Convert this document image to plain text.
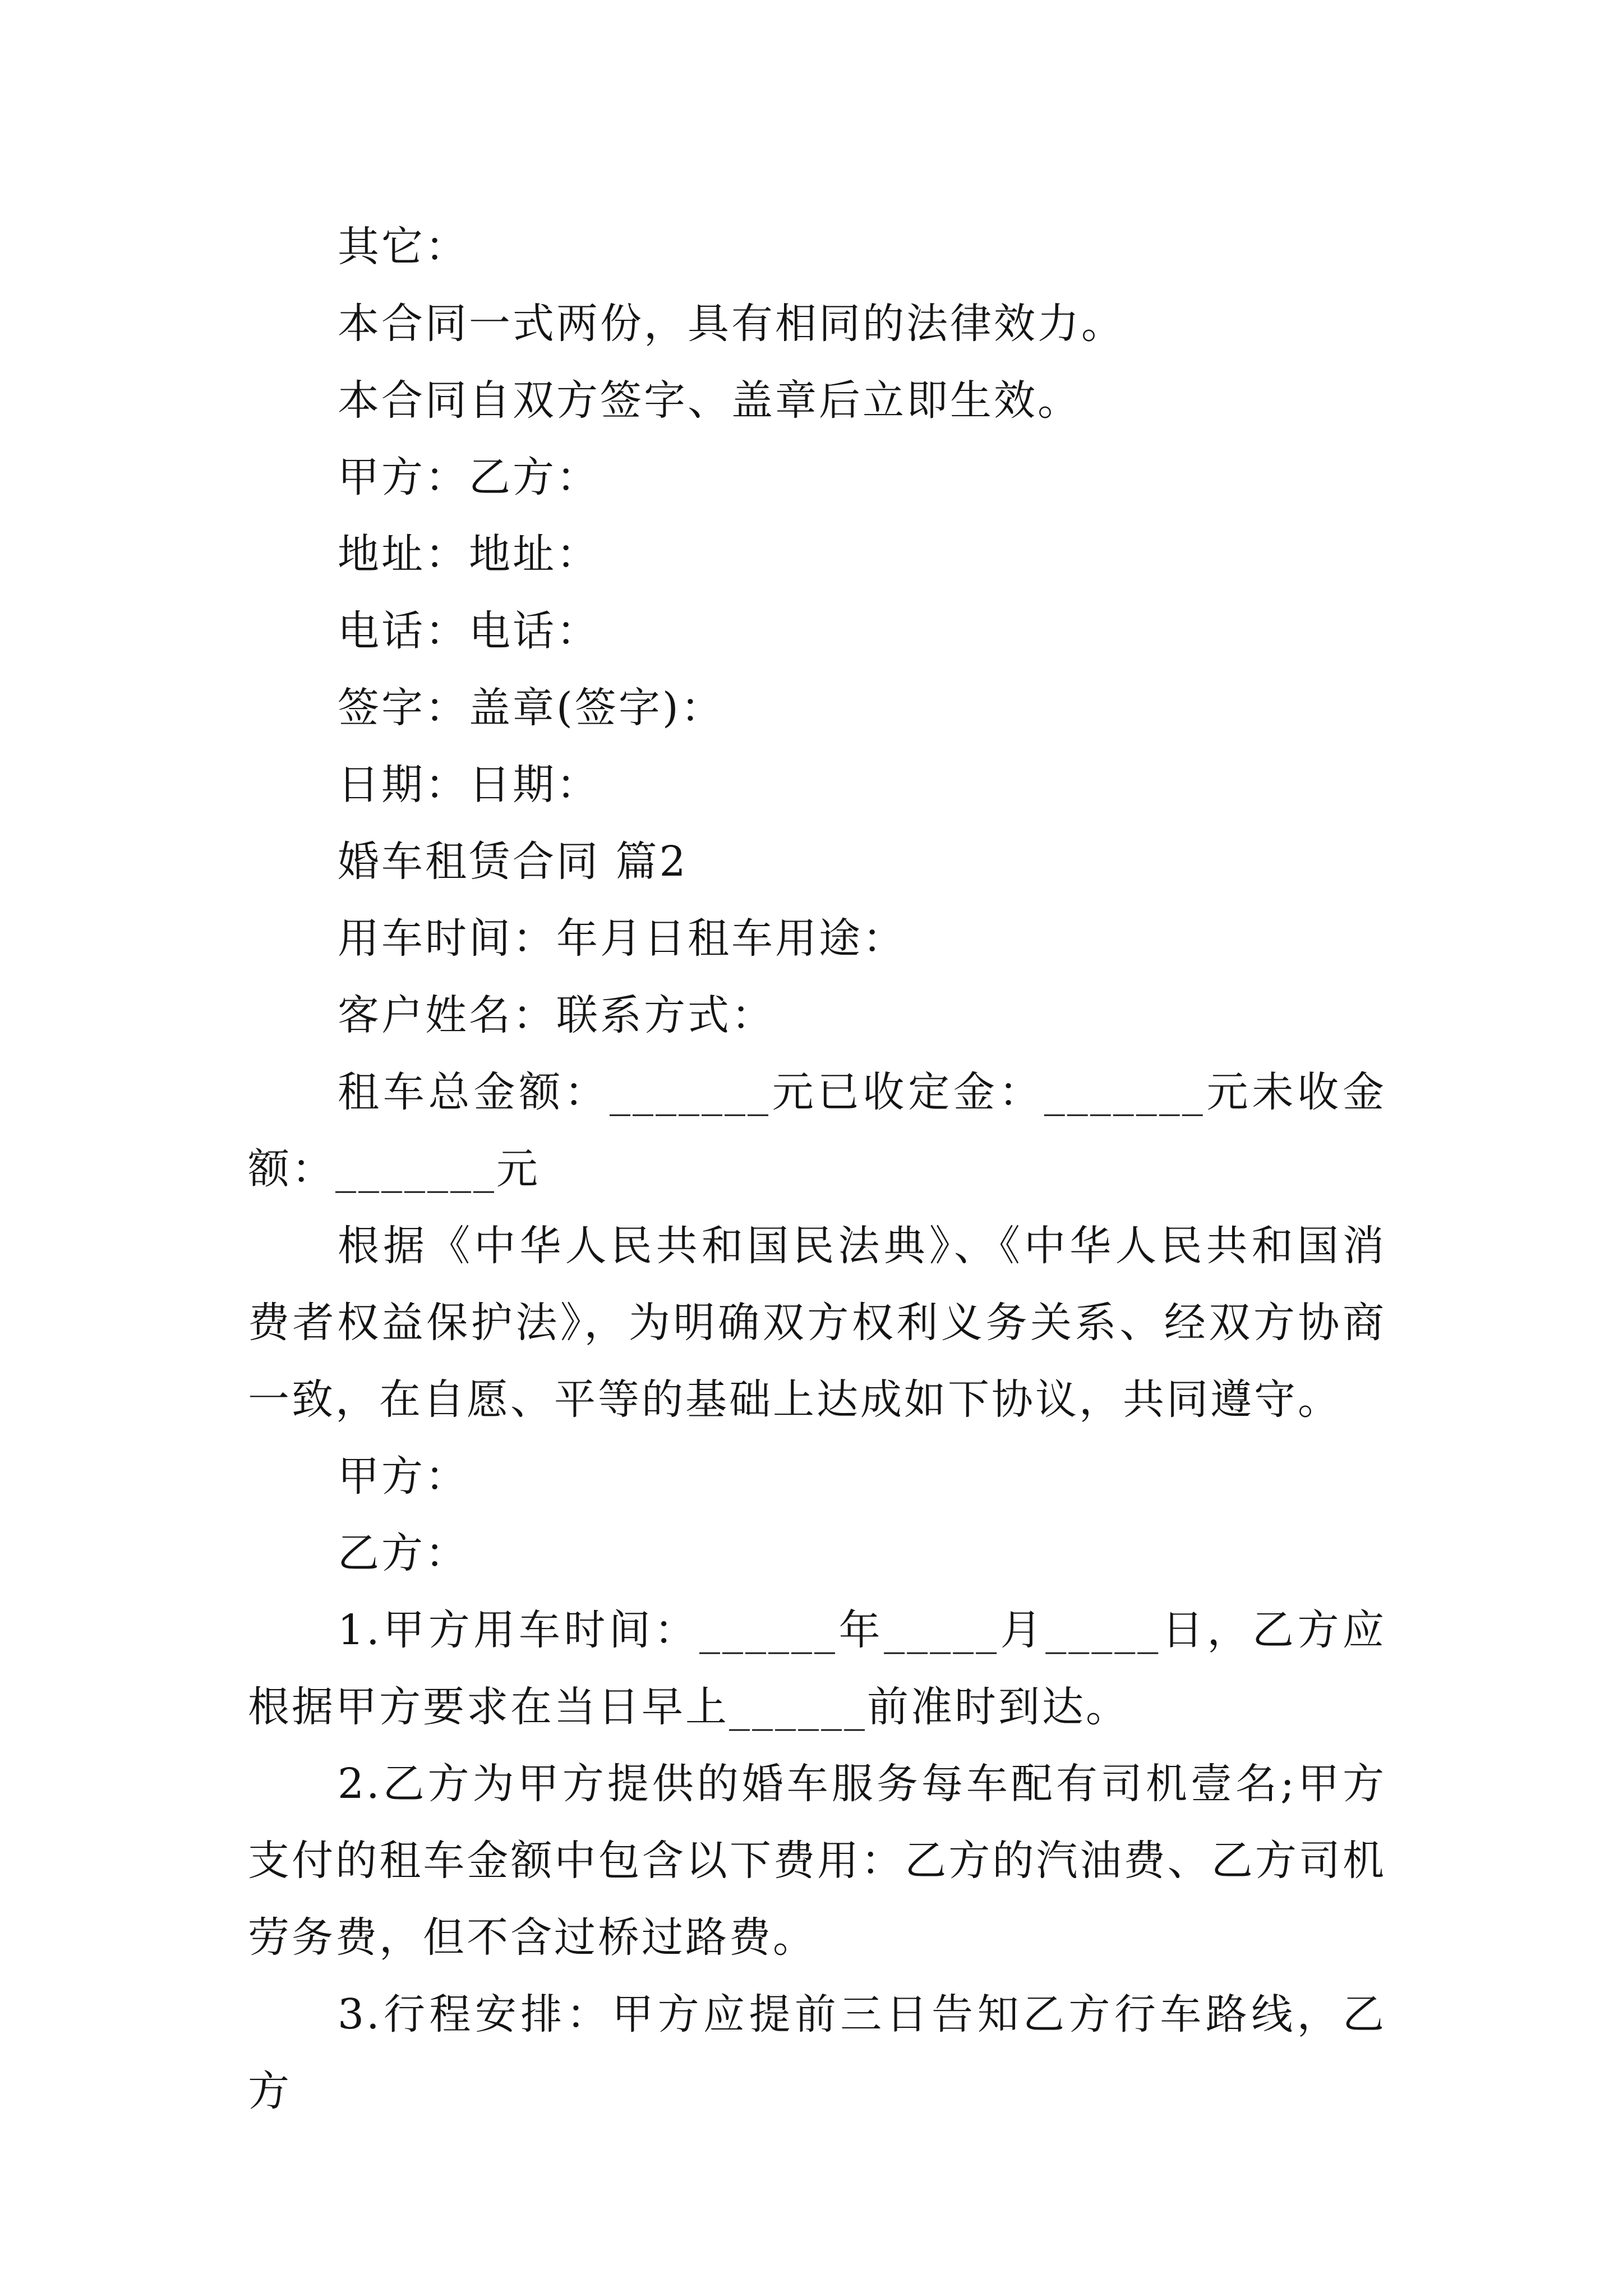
其它：

本合同一式两份，具有相同的法律效力。

本合同自双方签字、盖章后立即生效。

甲方：乙方：

地址：地址：

电话：电话：

签字：盖章(签字)：

日期：日期：

婚车租赁合同 篇2

用车时间：年月日租车用途：

客户姓名：联系方式：

租车总金额：_______元已收定金：_______元未收金额：_______元

根据《中华人民共和国民法典》、《中华人民共和国消费者权益保护法》，为明确双方权利义务关系、经双方协商一致，在自愿、平等的基础上达成如下协议，共同遵守。

甲方：

乙方：

1.甲方用车时间：______年_____月_____日，乙方应根据甲方要求在当日早上______前准时到达。

2.乙方为甲方提供的婚车服务每车配有司机壹名;甲方支付的租车金额中包含以下费用：乙方的汽油费、乙方司机劳务费，但不含过桥过路费。

3.行程安排：甲方应提前三日告知乙方行车路线，乙方
